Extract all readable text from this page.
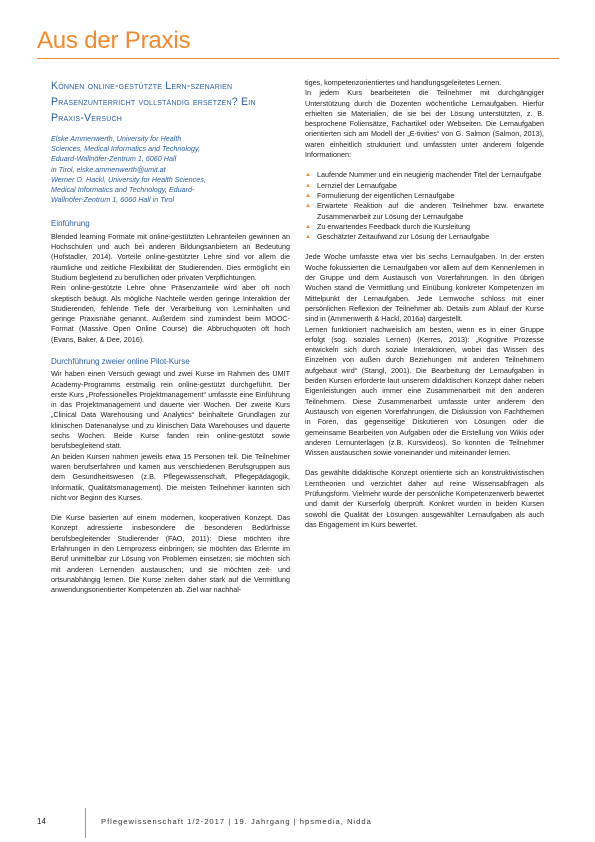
Aus der Praxis
Können online-gestützte Lern-szenarien Präsenzunterricht vollständig ersetzen? Ein Praxis-Versuch
Elske Ammenwerth, University for Health
Sciences, Medical Informatics and Technology,
Eduard-Wallnöfer-Zentrum 1, 6060 Hall
in Tirol, elske.ammenwerth@umit.at
Werner O. Hackl, University for Health Sciences,
Medical Informatics and Technology, Eduard-
Wallnöfer-Zentrum 1, 6060 Hall in Tirol
Einführung

Blended learning Formate mit online-gestützten Lehranteilen gewinnen an Hochschulen und auch bei anderen Bildungsanbietern an Bedeutung (Hofstadler, 2014). Vorteile online-gestützter Lehre sind vor allem die räumliche und zeitliche Flexibilität der Studierenden. Dies ermöglicht ein Studium begleitend zu beruflichen oder privaten Verpflichtungen.

Rein online-gestützte Lehre ohne Präsenzanteile wird aber oft noch skeptisch beäugt. Als mögliche Nachteile werden geringe Interaktion der Studierenden, fehlende Tiefe der Verarbeitung von Lerninhalten und geringe Praxisnähe genannt. Außerdem sind zumindest beim MOOC-Format (Massive Open Online Course) die Abbruchquoten oft hoch (Evans, Baker, & Dee, 2016).

Durchführung zweier online Pilot-Kurse

Wir haben einen Versuch gewagt und zwei Kurse im Rahmen des UMIT Academy-Programms erstmalig rein online-gestützt durchgeführt. Der erste Kurs „Professionelles Projektmanagement“ umfasste eine Einführung in das Projektmanagement und dauerte vier Wochen. Der zweite Kurs „Clinical Data Warehousing und Analytics“ beinhaltete Grundlagen zur klinischen Datenanalyse und zu klinischen Data Warehouses und dauerte sechs Wochen. Beide Kurse fanden rein online-gestützt sowie berufsbegleitend statt.

An beiden Kursen nahmen jeweils etwa 15 Personen teil. Die Teilnehmer waren berufserfahren und kamen aus verschiedenen Berufsgruppen aus dem Gesundheitswesen (z.B. Pflegewissenschaft, Pflegepädagogik, Informatik, Qualitätsmanagement). Die meisten Teilnehmer kannten sich nicht vor Beginn des Kurses.

Die Kurse basierten auf einem modernen, kooperativen Konzept. Das Konzept adressierte insbesondere die besonderen Bedürfnisse berufsbegleitender Studierender (FAO, 2011): Diese möchten ihre Erfahrungen in den Lernprozess einbringen; sie möchten das Erlernte im Beruf unmittelbar zur Lösung von Problemen einsetzen; sie möchten sich mit anderen Lernenden austauschen; und sie möchten zeit- und ortsunabhängig lernen. Die Kurse zielten daher stark auf die Vermittlung anwendungsorientierter Kompetenzen ab. Ziel war nachhal-

tiges, kompetenzorientiertes und handlungsgeleitetes Lernen.

In jedem Kurs bearbeiteten die Teilnehmer mit durchgängiger Unterstützung durch die Dozenten wöchentliche Lernaufgaben. Hierfür erhielten sie Materialien, die sie bei der Lösung unterstützten, z. B. besprochene Foliensätze, Fachartikel oder Webseiten. Die Lernaufgaben orientierten sich am Modell der „E-tivities“ von G. Salmon (Salmon, 2013), waren einheitlich strukturiert und umfassten unter anderem folgende Informationen:

▲ Laufende Nummer und ein neugierig machender Titel der Lernaufgabe
▲ Lernziel der Lernaufgabe
▲ Formulierung der eigentlichen Lernaufgabe
▲ Erwartete Reaktion auf die anderen Teilnehmer bzw. erwartete Zusammenarbeit zur Lösung der Lernaufgabe
▲ Zu erwartendes Feedback durch die Kursleitung
▲ Geschätzter Zeitaufwand zur Lösung der Lernaufgabe

Jede Woche umfasste etwa vier bis sechs Lernaufgaben. In der ersten Woche fokussierten die Lernaufgaben vor allem auf dem Kennenlernen in der Gruppe und dem Austausch von Vorerfahrungen. In den übrigen Wochen stand die Vermittlung und Einübung konkreter Kompetenzen im Mittelpunkt der Lernaufgaben. Jede Lernwoche schloss mit einer persönlichen Reflexion der Teilnehmer ab. Details zum Ablauf der Kurse sind in (Ammenwerth & Hackl, 2016a) dargestellt.

Lernen funktioniert nachweislich am besten, wenn es in einer Gruppe erfolgt (sog. soziales Lernen) (Kerres, 2013): „Kognitive Prozesse entwickeln sich durch soziale Interaktionen, wobei das Wissen des Einzelnen von außen durch Beziehungen mit anderen Teilnehmern aufgebaut wird“ (Stangl, 2001). Die Bearbeitung der Lernaufgaben in beiden Kursen erforderte laut unserem didaktischen Konzept daher neben Eigenleistungen auch immer eine Zusammenarbeit mit den anderen Teilnehmern. Diese Zusammenarbeit umfasste unter anderem den Austausch von eigenen Vorerfahrungen, die Diskussion von Fachthemen in Foren, das gegenseitige Diskutieren von Lösungen oder die gemeinsame Bearbeiten von Aufgaben oder die Erstellung von Wikis oder anderen Lernunterlagen (z.B. Kursvideos). So konnten die Teilnehmer Wissen austauschen sowie voneinander und miteinander lernen.

Das gewählte didaktische Konzept orientierte sich an konstruktivistischen Lerntheorien und verzichtet daher auf reine Wissensabfragen als Prüfungsform. Vielmehr wurde der persönliche Kompetenzerwerb bewertet und damit der Kurserfolg überprüft. Konkret wurden in beiden Kursen sowohl die Qualität der Lösungen ausgewählter Lernaufgaben als auch das Engagement im Kurs bewertet.

14	Pflegewissenschaft 1/2-2017 | 19. Jahrgang | hpsmedia, Nidda
